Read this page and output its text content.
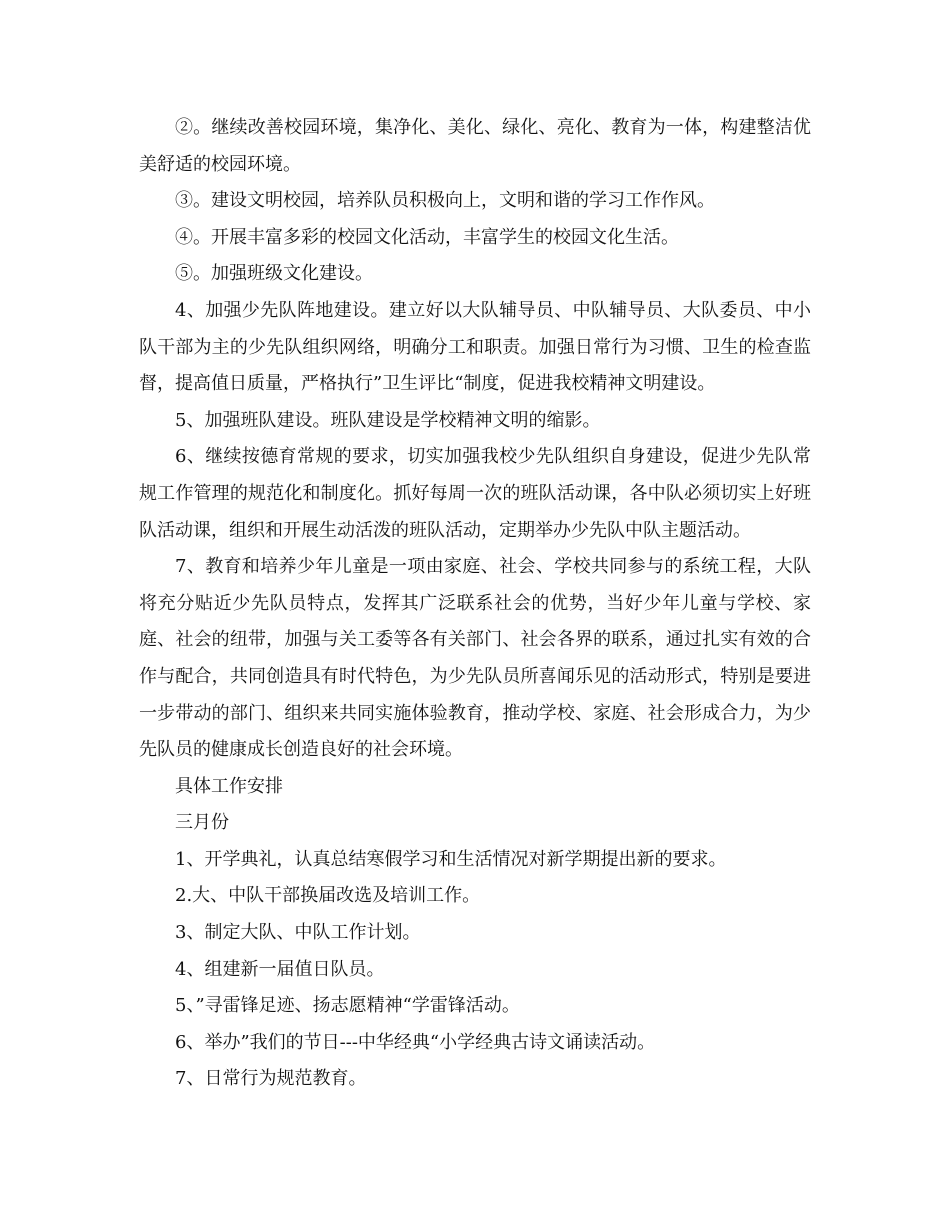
②。继续改善校园环境，集净化、美化、绿化、亮化、教育为一体，构建整洁优美舒适的校园环境。

③。建设文明校园，培养队员积极向上，文明和谐的学习工作作风。

④。开展丰富多彩的校园文化活动，丰富学生的校园文化生活。

⑤。加强班级文化建设。

4、加强少先队阵地建设。建立好以大队辅导员、中队辅导员、大队委员、中小队干部为主的少先队组织网络，明确分工和职责。加强日常行为习惯、卫生的检查监督，提高值日质量，严格执行”卫生评比“制度，促进我校精神文明建设。

5、加强班队建设。班队建设是学校精神文明的缩影。

6、继续按德育常规的要求，切实加强我校少先队组织自身建设，促进少先队常规工作管理的规范化和制度化。抓好每周一次的班队活动课，各中队必须切实上好班队活动课，组织和开展生动活泼的班队活动，定期举办少先队中队主题活动。

7、教育和培养少年儿童是一项由家庭、社会、学校共同参与的系统工程，大队将充分贴近少先队员特点，发挥其广泛联系社会的优势，当好少年儿童与学校、家庭、社会的纽带，加强与关工委等各有关部门、社会各界的联系，通过扎实有效的合作与配合，共同创造具有时代特色，为少先队员所喜闻乐见的活动形式，特别是要进一步带动的部门、组织来共同实施体验教育，推动学校、家庭、社会形成合力，为少先队员的健康成长创造良好的社会环境。

具体工作安排

三月份

1、开学典礼，认真总结寒假学习和生活情况对新学期提出新的要求。

2.大、中队干部换届改选及培训工作。

3、制定大队、中队工作计划。

4、组建新一届值日队员。

5、”寻雷锋足迹、扬志愿精神“学雷锋活动。

6、举办”我们的节日---中华经典“小学经典古诗文诵读活动。

7、日常行为规范教育。
